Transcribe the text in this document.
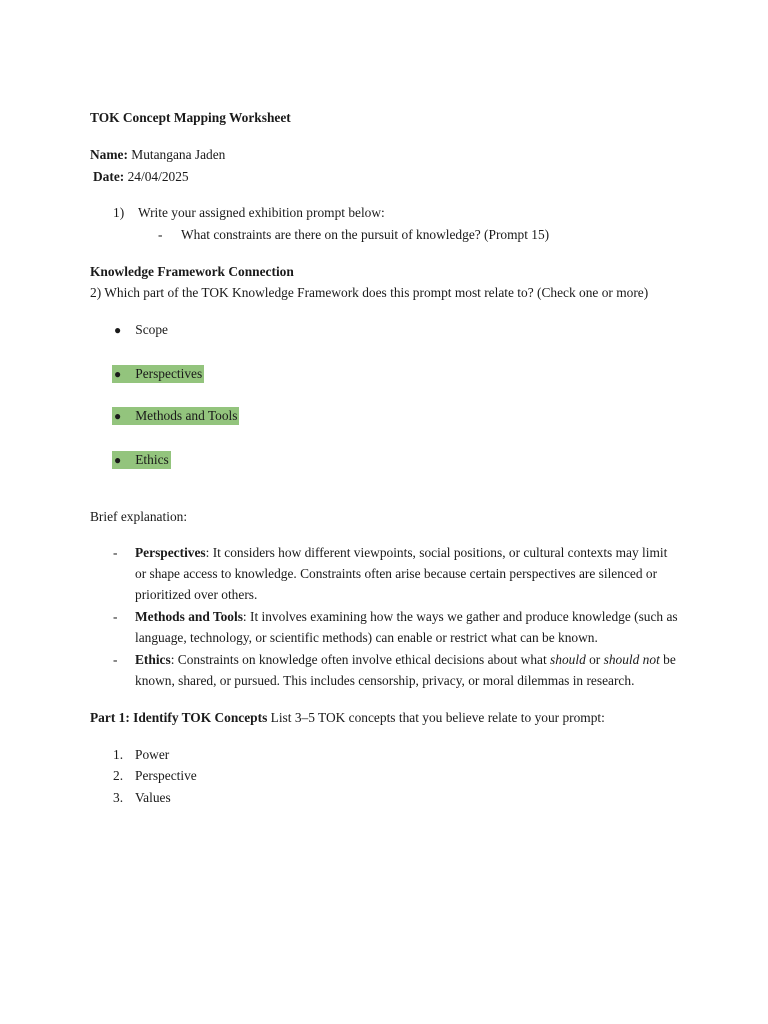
TOK Concept Mapping Worksheet
Name: Mutangana Jaden
Date: 24/04/2025
1) Write your assigned exhibition prompt below:
- What constraints are there on the pursuit of knowledge? (Prompt 15)
Knowledge Framework Connection
2) Which part of the TOK Knowledge Framework does this prompt most relate to? (Check one or more)
● Scope
● Perspectives
● Methods and Tools
● Ethics
Brief explanation:
- Perspectives: It considers how different viewpoints, social positions, or cultural contexts may limit or shape access to knowledge. Constraints often arise because certain perspectives are silenced or prioritized over others.
- Methods and Tools: It involves examining how the ways we gather and produce knowledge (such as language, technology, or scientific methods) can enable or restrict what can be known.
- Ethics: Constraints on knowledge often involve ethical decisions about what should or should not be known, shared, or pursued. This includes censorship, privacy, or moral dilemmas in research.
Part 1: Identify TOK Concepts List 3–5 TOK concepts that you believe relate to your prompt:
1. Power
2. Perspective
3. Values
